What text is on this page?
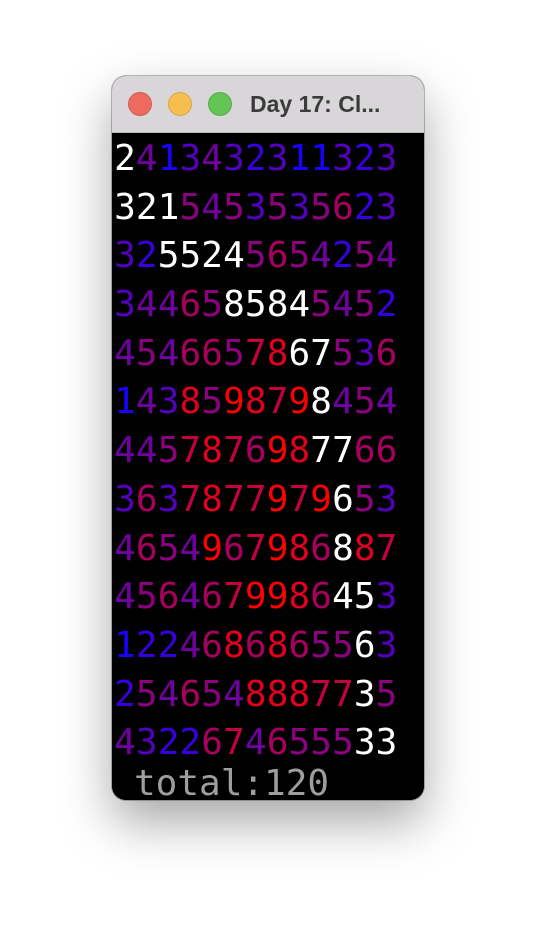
Day 17: Cl...
2413432311323
3215453535623
3255245654254
3446585845452
4546657867536
1438598798454
4457876987766
3637877979653
4654967986887
4564679986453
1224686865563
2546548887735
4322674655533
total:120
